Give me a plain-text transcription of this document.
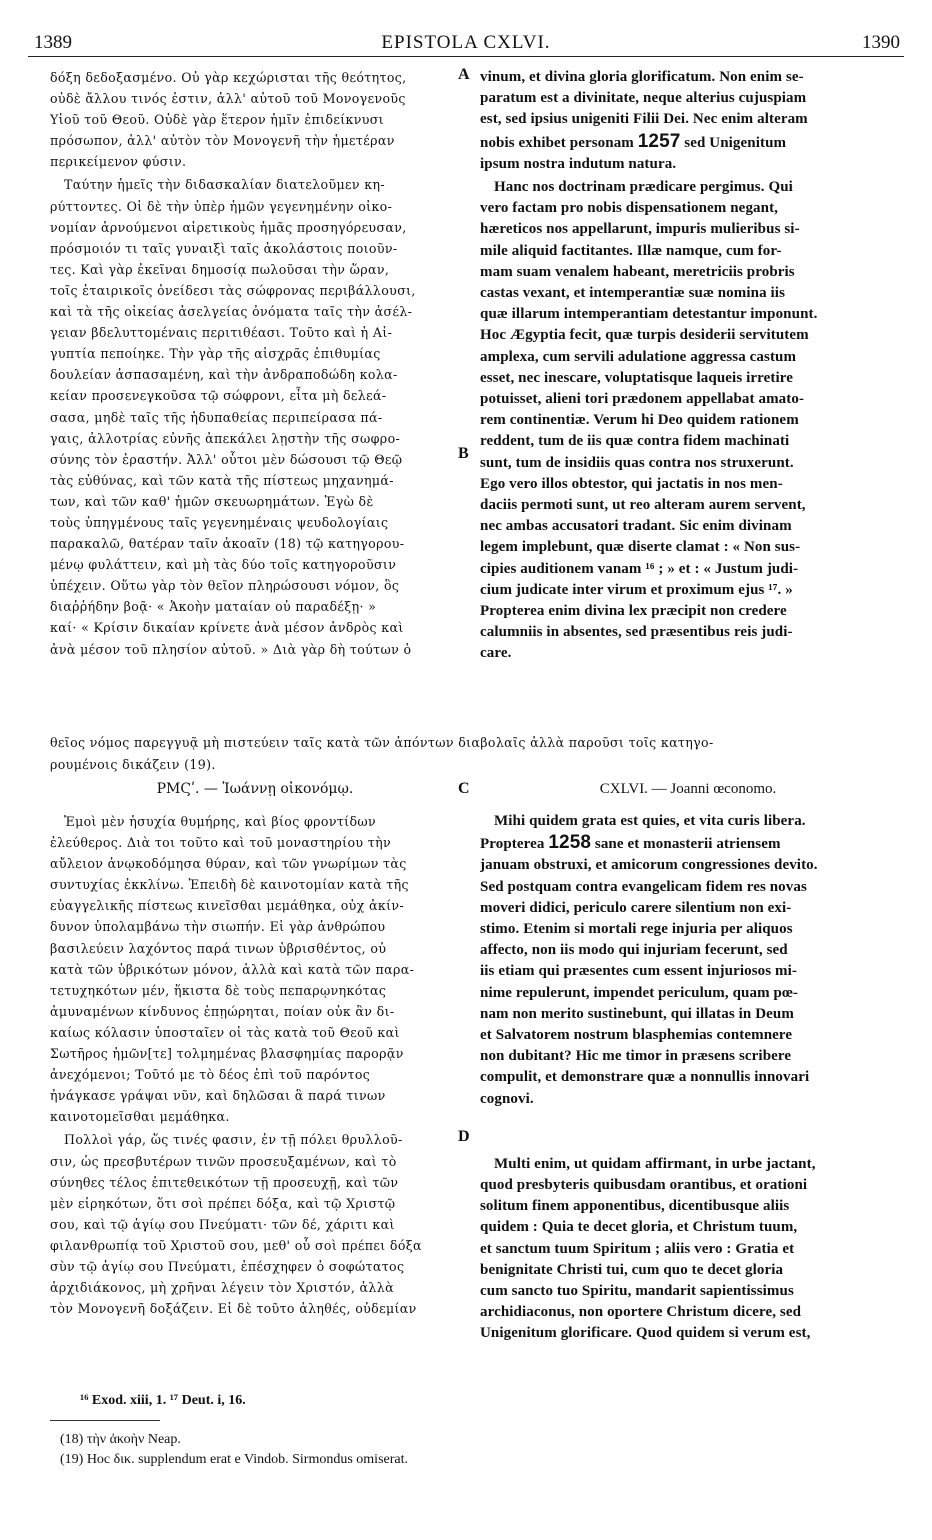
1389	EPISTOLA CXLVI.	1390

δόξη δεδοξασμένο. Οὐ γὰρ κεχώρισται τῆς θεότητος,

οὐδὲ ἄλλου τινός ἐστιν, ἀλλ' αὐτοῦ τοῦ Μονογενοῦς

Υἱοῦ τοῦ Θεοῦ. Οὐδὲ γὰρ ἕτερον ἡμῖν ἐπιδείκνυσι

πρόσωπον, ἀλλ' αὐτὸν τὸν Μονογενῆ τὴν ἡμετέραν

περικείμενον φύσιν.

Ταύτην ἡμεῖς τὴν διδασκαλίαν διατελοῦμεν κη-

ρύττοντες. Οἱ δὲ τὴν ὑπὲρ ἡμῶν γεγενημένην οἰκο-

νομίαν ἀρνούμενοι αἱρετικοὺς ἡμᾶς προσηγόρευσαν,

πρόσμοιόν τι ταῖς γυναιξὶ ταῖς ἀκολάστοις ποιοῦν-

τες. Καὶ γὰρ ἐκεῖναι δημοσίᾳ πωλοῦσαι τὴν ὥραν,

τοῖς ἑταιρικοῖς ὀνείδεσι τὰς σώφρονας περιβάλλουσι,

καὶ τὰ τῆς οἰκείας ἀσελγείας ὀνόματα ταῖς τὴν ἀσέλ-

γειαν βδελυττομέναις περιτιθέασι. Τοῦτο καὶ ἡ Αἰ-

γυπτία πεποίηκε. Τὴν γὰρ τῆς αἰσχρᾶς ἐπιθυμίας

δουλείαν ἀσπασαμένη, καὶ τὴν ἀνδραποδώδη κολα-

κείαν προσενεγκοῦσα τῷ σώφρονι, εἶτα μὴ δελεά-

σασα, μηδὲ ταῖς τῆς ἡδυπαθείας περιπείρασα πά-

γαις, ἀλλοτρίας εὐνῆς ἀπεκάλει λῃστὴν τῆς σωφρο-

σύνης τὸν ἐραστήν. Ἀλλ' οὗτοι μὲν δώσουσι τῷ Θεῷ

τὰς εὐθύνας, καὶ τῶν κατὰ τῆς πίστεως μηχανημά-

των, καὶ τῶν καθ' ἡμῶν σκευωρημάτων. Ἐγὼ δὲ

τοὺς ὑπηγμένους ταῖς γεγενημέναις ψευδολογίαις

παρακαλῶ, θατέραν ταῖν ἀκοαῖν (18) τῷ κατηγορου-

μένῳ φυλάττειν, καὶ μὴ τὰς δύο τοῖς κατηγοροῦσιν

ὑπέχειν. Οὕτω γὰρ τὸν θεῖον πληρώσουσι νόμον, ὃς

διαῤῥήδην βοᾷ· « Ἀκοὴν ματαίαν οὐ παραδέξῃ· »

καί· « Κρίσιν δικαίαν κρίνετε ἀνὰ μέσον ἀνδρὸς καὶ

ἀνὰ μέσον τοῦ πλησίον αὐτοῦ. » Διὰ γὰρ δὴ τούτων ὁ

A
B
C
D

vinum, et divina gloria glorificatum. Non enim se-

paratum est a divinitate, neque alterius cujuspiam

est, sed ipsius unigeniti Filii Dei. Nec enim alteram

nobis exhibet personam 1257 sed Unigenitum

ipsum nostra indutum natura.

Hanc nos doctrinam prædicare pergimus. Qui

vero factam pro nobis dispensationem negant,

hæreticos nos appellarunt, impuris mulieribus si-

mile aliquid factitantes. Illæ namque, cum for-

mam suam venalem habeant, meretriciis probris

castas vexant, et intemperantiæ suæ nomina iis

quæ illarum intemperantiam detestantur imponunt.

Hoc Ægyptia fecit, quæ turpis desiderii servitutem

amplexa, cum servili adulatione aggressa castum

esset, nec inescare, voluptatisque laqueis irretire

potuisset, alieni tori prædonem appellabat amato-

rem continentiæ. Verum hi Deo quidem rationem

reddent, tum de iis quæ contra fidem machinati

sunt, tum de insidiis quas contra nos struxerunt.

Ego vero illos obtestor, qui jactatis in nos men-

daciis permoti sunt, ut reo alteram aurem servent,

nec ambas accusatori tradant. Sic enim divinam

legem implebunt, quæ diserte clamat : « Non sus-

cipies auditionem vanam ¹⁶ ; » et : « Justum judi-

cium judicate inter virum et proximum ejus ¹⁷. »

Propterea enim divina lex præcipit non credere

calumniis in absentes, sed præsentibus reis judi-

care.

θεῖος νόμος παρεγγυᾷ μὴ πιστεύειν ταῖς κατὰ τῶν ἀπόντων διαβολαῖς ἀλλὰ παροῦσι τοῖς κατηγο-
ρουμένοις δικάζειν (19).
ΡΜϚʹ. — Ἰωάννῃ οἰκονόμῳ.	CXLVI. — Joanni œconomo.

Ἐμοὶ μὲν ἡσυχία θυμήρης, καὶ βίος φροντίδων

ἐλεύθερος. Διὰ τοι τοῦτο καὶ τοῦ μοναστηρίου τὴν

αὔλειον ἀνῳκοδόμησα θύραν, καὶ τῶν γνωρίμων τὰς

συντυχίας ἐκκλίνω. Ἐπειδὴ δὲ καινοτομίαν κατὰ τῆς

εὐαγγελικῆς πίστεως κινεῖσθαι μεμάθηκα, οὐχ ἀκίν-

δυνον ὑπολαμβάνω τὴν σιωπήν. Εἰ γὰρ ἀνθρώπου

βασιλεύειν λαχόντος παρά τινων ὑβρισθέντος, οὐ

κατὰ τῶν ὑβρικότων μόνον, ἀλλὰ καὶ κατὰ τῶν παρα-

τετυχηκότων μέν, ἥκιστα δὲ τοὺς πεπαρῳνηκότας

ἀμυναμένων κίνδυνος ἐπῃώρηται, ποίαν οὐκ ἂν δι-

καίως κόλασιν ὑποσταῖεν οἱ τὰς κατὰ τοῦ Θεοῦ καὶ

Σωτῆρος ἡμῶν[τε] τολμημένας βλασφημίας παρορᾷν

ἀνεχόμενοι; Τοῦτό με τὸ δέος ἐπὶ τοῦ παρόντος

ἠνάγκασε γράψαι νῦν, καὶ δηλῶσαι ἃ παρά τινων

καινοτομεῖσθαι μεμάθηκα.

Πολλοὶ γάρ, ὥς τινές φασιν, ἐν τῇ πόλει θρυλλοῦ-

σιν, ὡς πρεσβυτέρων τινῶν προσευξαμένων, καὶ τὸ

σύνηθες τέλος ἐπιτεθεικότων τῇ προσευχῇ, καὶ τῶν

μὲν εἰρηκότων, ὅτι σοὶ πρέπει δόξα, καὶ τῷ Χριστῷ

σου, καὶ τῷ ἁγίῳ σου Πνεύματι· τῶν δέ, χάριτι καὶ

φιλανθρωπίᾳ τοῦ Χριστοῦ σου, μεθ' οὗ σοὶ πρέπει δόξα

σὺν τῷ ἁγίῳ σου Πνεύματι, ἐπέσχηφεν ὁ σοφώτατος

ἀρχιδιάκονος, μὴ χρῆναι λέγειν τὸν Χριστόν, ἀλλὰ

τὸν Μονογενῆ δοξάζειν. Εἰ δὲ τοῦτο ἀληθές, οὐδεμίαν

Mihi quidem grata est quies, et vita curis libera.

Propterea 1258 sane et monasterii atriensem

januam obstruxi, et amicorum congressiones devito.

Sed postquam contra evangelicam fidem res novas

moveri didici, periculo carere silentium non exi-

stimo. Etenim si mortali rege injuria per aliquos

affecto, non iis modo qui injuriam fecerunt, sed

iis etiam qui præsentes cum essent injuriosos mi-

nime repulerunt, impendet periculum, quam pœ-

nam non merito sustinebunt, qui illatas in Deum

et Salvatorem nostrum blasphemias contemnere

non dubitant? Hic me timor in præsens scribere

compulit, et demonstrare quæ a nonnullis innovari

cognovi.

Multi enim, ut quidam affirmant, in urbe jactant,

quod presbyteris quibusdam orantibus, et orationi

solitum finem apponentibus, dicentibusque aliis

quidem : Quia te decet gloria, et Christum tuum,

et sanctum tuum Spiritum ; aliis vero : Gratia et

benignitate Christi tui, cum quo te decet gloria

cum sancto tuo Spiritu, mandarit sapientissimus

archidiaconus, non oportere Christum dicere, sed

Unigenitum glorificare. Quod quidem si verum est,

¹⁶ Exod. xiii, 1. ¹⁷ Deut. i, 16.
(18) τὴν ἀκοὴν Neap.
(19) Hoc δικ. supplendum erat e Vindob. Sirmondus omiserat.
